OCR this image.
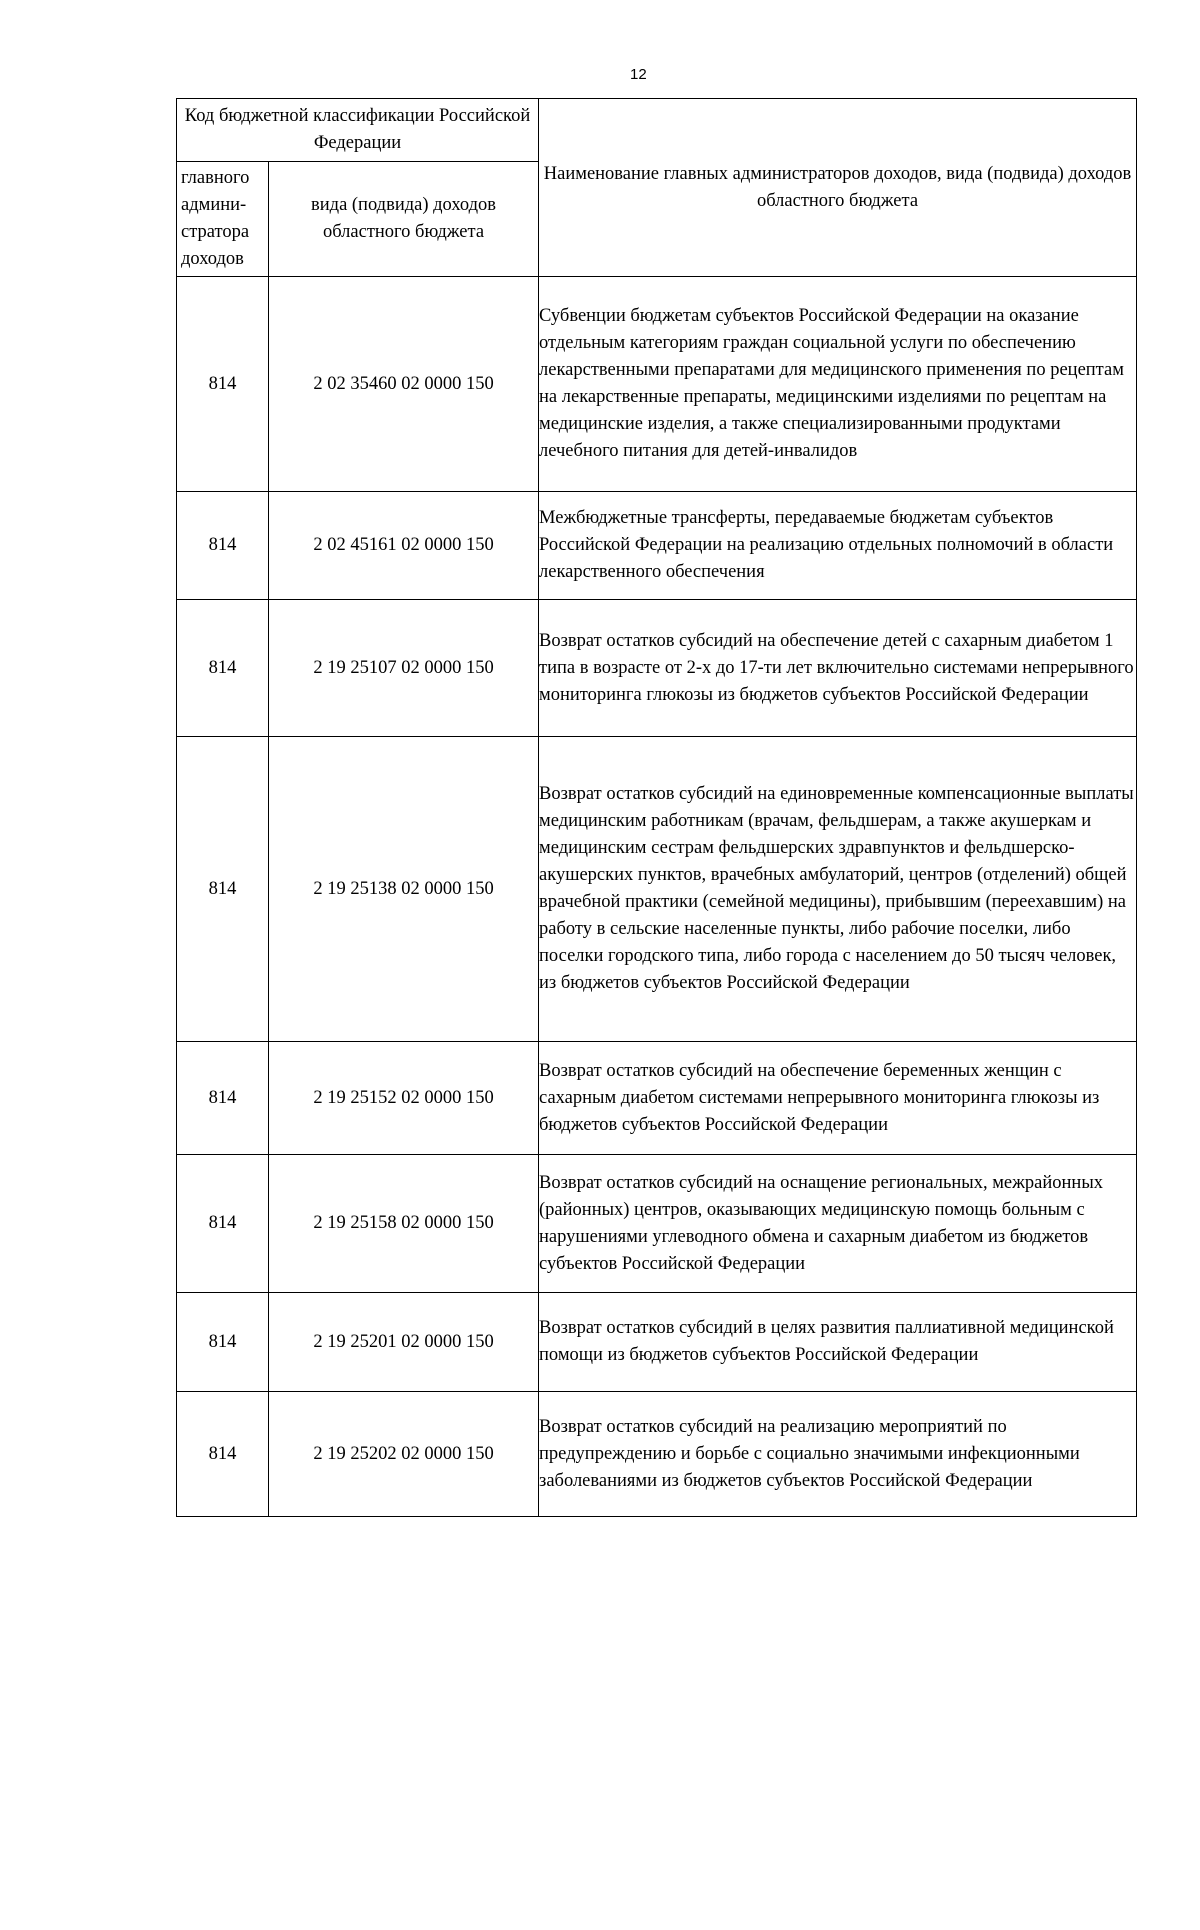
12
Код бюджетной классификации Российской Федерации		Наименование главных администраторов доходов, вида (подвида) доходов областного бюджета
главного админи-стратора доходов	вида (подвида) доходов областного бюджета	
814	2 02 35460 02 0000 150	Субвенции бюджетам субъектов Российской Федерации на оказание отдельным категориям граждан социальной услуги по обеспечению лекарственными препаратами для медицинского применения по рецептам на лекарственные препараты, медицинскими изделиями по рецептам на медицинские изделия, а также специализированными продуктами лечебного питания для детей-инвалидов
814	2 02 45161 02 0000 150	Межбюджетные трансферты, передаваемые бюджетам субъектов Российской Федерации на реализацию отдельных полномочий в области лекарственного обеспечения
814	2 19 25107 02 0000 150	Возврат остатков субсидий на обеспечение детей с сахарным диабетом 1 типа в возрасте от 2-х до 17-ти лет включительно системами непрерывного мониторинга глюкозы из бюджетов субъектов Российской Федерации
814	2 19 25138 02 0000 150	Возврат остатков субсидий на единовременные компенсационные выплаты медицинским работникам (врачам, фельдшерам, а также акушеркам и медицинским сестрам фельдшерских здравпунктов и фельдшерско-акушерских пунктов, врачебных амбулаторий, центров (отделений) общей врачебной практики (семейной медицины), прибывшим (переехавшим) на работу в сельские населенные пункты, либо рабочие поселки, либо поселки городского типа, либо города с населением до 50 тысяч человек, из бюджетов субъектов Российской Федерации
814	2 19 25152 02 0000 150	Возврат остатков субсидий на обеспечение беременных женщин с сахарным диабетом системами непрерывного мониторинга глюкозы из бюджетов субъектов Российской Федерации
814	2 19 25158 02 0000 150	Возврат остатков субсидий на оснащение региональных, межрайонных (районных) центров, оказывающих медицинскую помощь больным с нарушениями углеводного обмена и сахарным диабетом из бюджетов субъектов Российской Федерации
814	2 19 25201 02 0000 150	Возврат остатков субсидий в целях развития паллиативной медицинской помощи из бюджетов субъектов Российской Федерации
814	2 19 25202 02 0000 150	Возврат остатков субсидий на реализацию мероприятий по предупреждению и борьбе с социально значимыми инфекционными заболеваниями из бюджетов субъектов Российской Федерации
